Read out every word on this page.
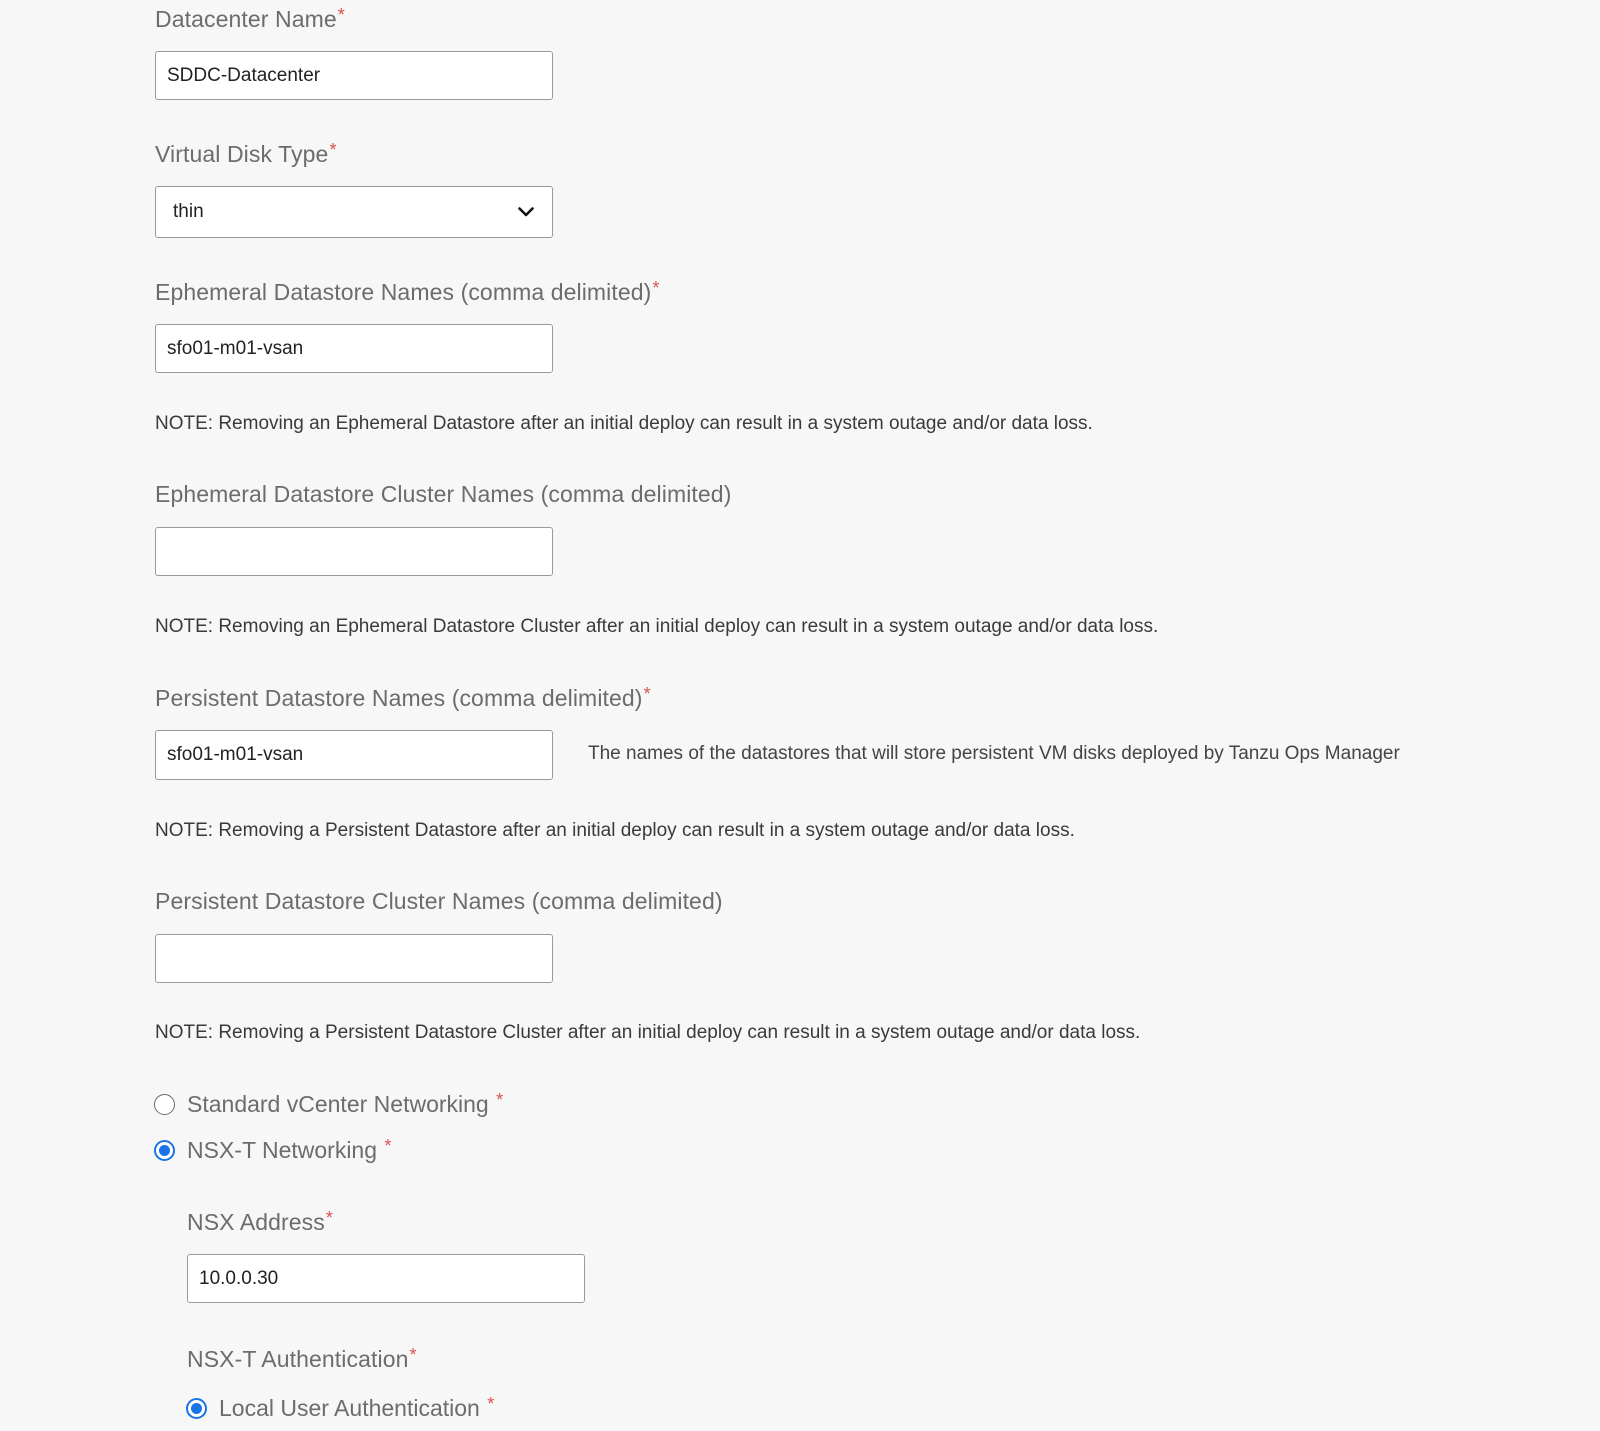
Datacenter Name*
SDDC-Datacenter
Virtual Disk Type*
thin
Ephemeral Datastore Names (comma delimited)*
sfo01-m01-vsan
NOTE: Removing an Ephemeral Datastore after an initial deploy can result in a system outage and/or data loss.
Ephemeral Datastore Cluster Names (comma delimited)
NOTE: Removing an Ephemeral Datastore Cluster after an initial deploy can result in a system outage and/or data loss.
Persistent Datastore Names (comma delimited)*
sfo01-m01-vsan
The names of the datastores that will store persistent VM disks deployed by Tanzu Ops Manager
NOTE: Removing a Persistent Datastore after an initial deploy can result in a system outage and/or data loss.
Persistent Datastore Cluster Names (comma delimited)
NOTE: Removing a Persistent Datastore Cluster after an initial deploy can result in a system outage and/or data loss.
Standard vCenter Networking *
NSX-T Networking *
NSX Address*
10.0.0.30
NSX-T Authentication*
Local User Authentication *
